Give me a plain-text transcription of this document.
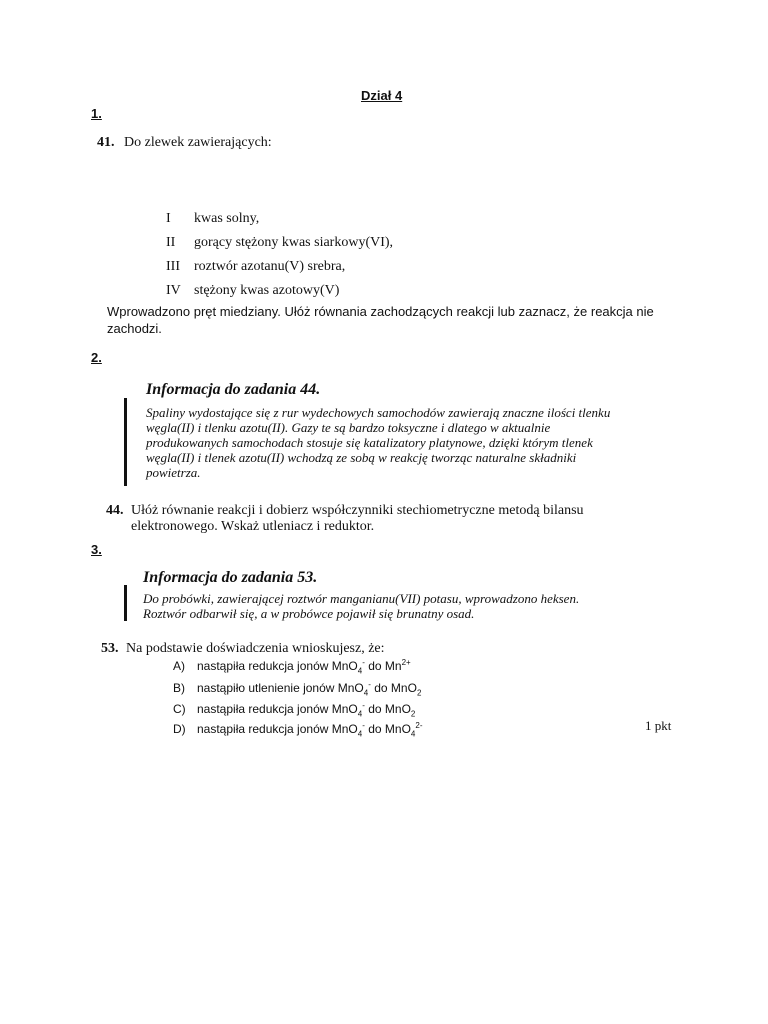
Dział 4
1.
41. Do zlewek zawierających:
I kwas solny,
II gorący stężony kwas siarkowy(VI),
III roztwór azotanu(V) srebra,
IV stężony kwas azotowy(V)
Wprowadzono pręt miedziany. Ułóż równania zachodzących reakcji lub zaznacz, że reakcja nie zachodzi.
2.
Informacja do zadania 44.
Spaliny wydostające się z rur wydechowych samochodów zawierają znaczne ilości tlenku
węgla(II) i tlenku azotu(II). Gazy te są bardzo toksyczne i dlatego w aktualnie
produkowanych samochodach stosuje się katalizatory platynowe, dzięki którym tlenek
węgla(II) i tlenek azotu(II) wchodzą ze sobą w reakcję tworząc naturalne składniki
powietrza.
44. Ułóż równanie reakcji i dobierz współczynniki stechiometryczne metodą bilansu
elektronowego. Wskaż utleniacz i reduktor.
3.
Informacja do zadania 53.
Do probówki, zawierającej roztwór manganianu(VII) potasu, wprowadzono heksen.
Roztwór odbarwił się, a w probówce pojawił się brunatny osad.
53. Na podstawie doświadczenia wnioskujesz, że:
A) nastąpiła redukcja jonów MnO$_4$- do $Mn^{2+}$
B) nastąpiło utlenienie jonów MnO$_4$- do MnO$_2$
C) nastąpiła redukcja jonów MnO$_4$- do MnO$_2$
D) nastąpiła redukcja jonów MnO$_4$- do MnO$_4^{2-}$	1 pkt
